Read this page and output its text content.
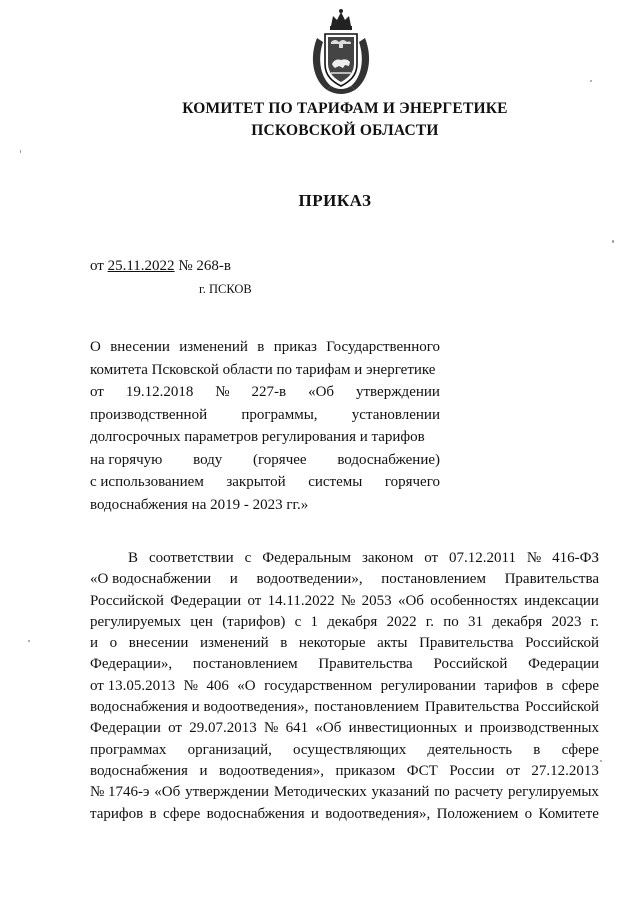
КОМИТЕТ ПО ТАРИФАМ И ЭНЕРГЕТИКЕ
ПСКОВСКОЙ ОБЛАСТИ
ПРИКАЗ
от 25.11.2022 № 268-в
г. ПСКОВ
О внесении изменений в приказ Государственного
комитета Псковской области по тарифам и энергетике
от 19.12.2018 № 227-в «Об утверждении
производственной программы, установлении
долгосрочных параметров регулирования и тарифов
на горячую воду (горячее водоснабжение)
с использованием закрытой системы горячего
водоснабжения на 2019 - 2023 гг.»
В соответствии с Федеральным законом от 07.12.2011 № 416-ФЗ
«О водоснабжении и водоотведении», постановлением Правительства
Российской Федерации от 14.11.2022 № 2053 «Об особенностях индексации
регулируемых цен (тарифов) с 1 декабря 2022 г. по 31 декабря 2023 г.
и о внесении изменений в некоторые акты Правительства Российской
Федерации», постановлением Правительства Российской Федерации
от 13.05.2013 № 406 «О государственном регулировании тарифов в сфере
водоснабжения и водоотведения», постановлением Правительства Российской
Федерации от 29.07.2013 № 641 «Об инвестиционных и производственных
программах организаций, осуществляющих деятельность в сфере
водоснабжения и водоотведения», приказом ФСТ России от 27.12.2013
№ 1746-э «Об утверждении Методических указаний по расчету регулируемых
тарифов в сфере водоснабжения и водоотведения», Положением о Комитете
